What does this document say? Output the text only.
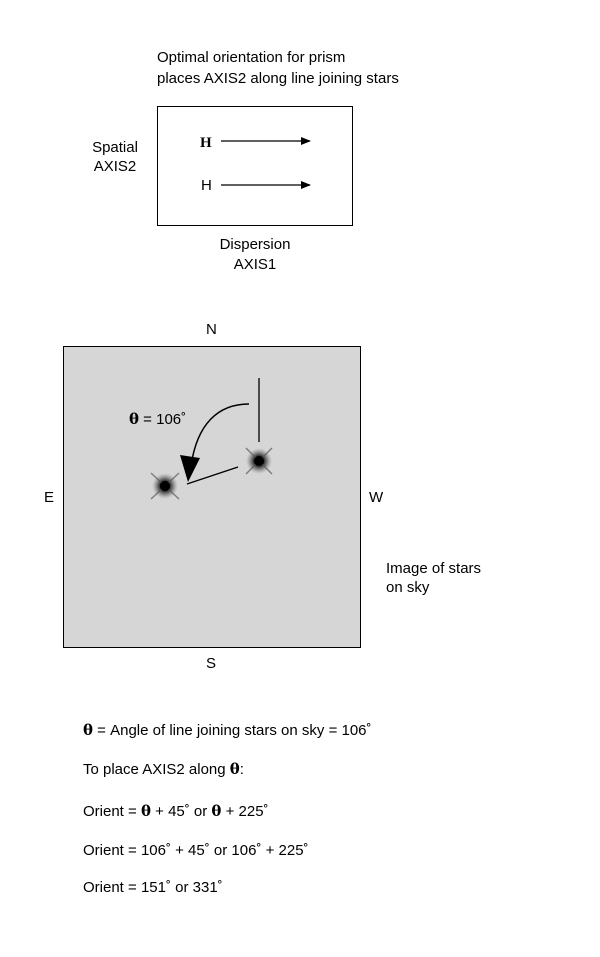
Optimal orientation for prism
places AXIS2 along line joining stars
Spatial
AXIS2
H
H
Dispersion
AXIS1
N
S
E	W
θ = 106˚
Image of stars
on sky
θ = Angle of line joining stars on sky = 106˚
To place AXIS2 along θ:
Orient = θ + 45˚ or θ + 225˚
Orient = 106˚ + 45˚ or 106˚ + 225˚
Orient = 151˚ or 331˚
